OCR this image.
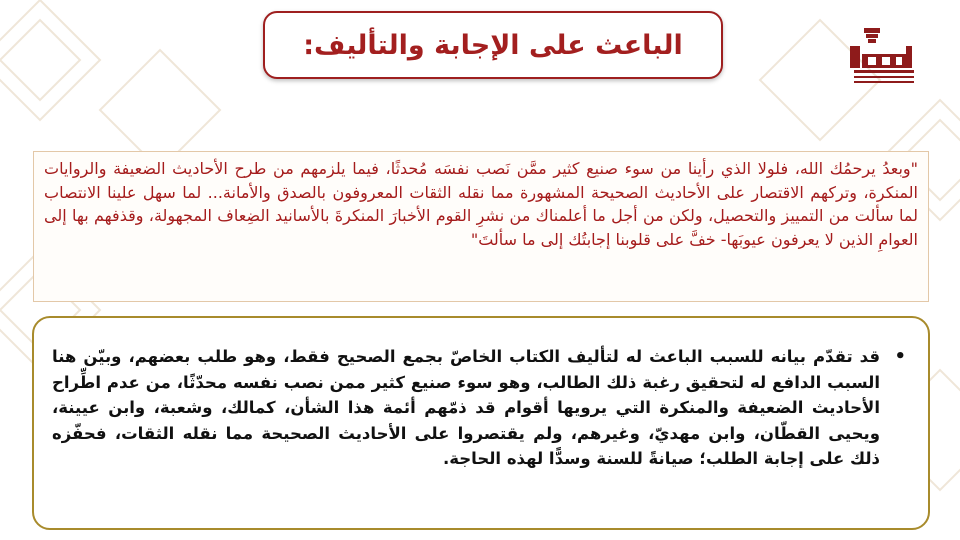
الباعث على الإجابة والتأليف:
"وبعدُ يرحمُك الله، فلولا الذي رأينا من سوء صنيع كثير ممَّن نَصب نفسَه مُحدثًا، فيما يلزمهم من طرح الأحاديث الضعيفة والروايات المنكرة، وتركهم الاقتصار على الأحاديث الصحيحة المشهورة مما نقله الثقات المعروفون بالصدق والأمانة... لما سهل علينا الانتصاب لما سألت من التمييز والتحصيل، ولكن من أجل ما أعلمناك من نشرِ القوم الأخبارَ المنكرةَ بالأسانيد الضِعاف المجهولة، وقذفهم بها إلى العوامِ الذين لا يعرفون عيوبَها- خفَّ على قلوبنا إجابتُك إلى ما سألتَ"
•
قد تقدّم بيانه للسبب الباعث له لتأليف الكتاب الخاصّ بجمع الصحيح فقط، وهو طلب بعضهم، وبيّن هنا السبب الدافع له لتحقيق رغبة ذلك الطالب، وهو سوء صنيع كثير ممن نصب نفسه محدّثًا، من عدم اطِّراح الأحاديث الضعيفة والمنكرة التي يرويها أقوام قد ذمّهم أئمة هذا الشأن، كمالك، وشعبة، وابن عيينة، ويحيى القطّان، وابن مهديّ، وغيرهم، ولم يقتصروا على الأحاديث الصحيحة مما نقله الثقات، فحفّزه ذلك على إجابة الطلب؛ صيانةً للسنة وسدًّا لهذه الحاجة.
